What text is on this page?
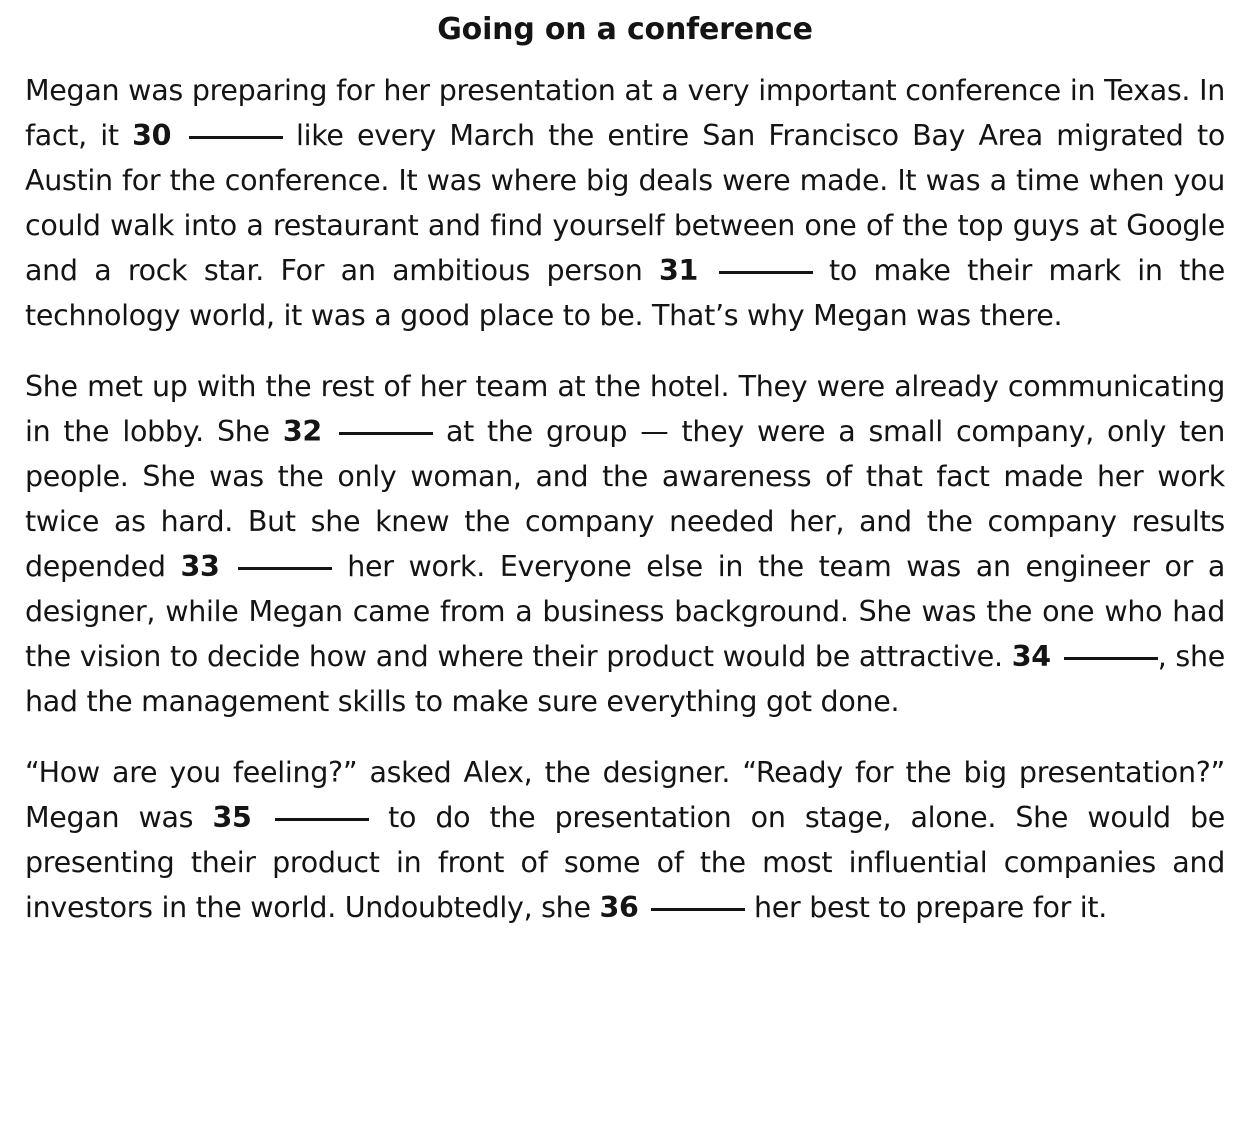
Going on a conference

Megan was preparing for her presentation at a very important conference in Texas. In fact, it 30	like every March the entire San Francisco Bay Area migrated to Austin for the conference. It was where big deals were made. It was a time when you could walk into a restaurant and find yourself between one of the top guys at Google and a rock star. For an ambitious person 31	to make their mark in the technology world, it was a good place to be. That’s why Megan was there.

She met up with the rest of her team at the hotel. They were already communicating in the lobby. She 32	at the group — they were a small company, only ten people. She was the only woman, and the awareness of that fact made her work twice as hard. But she knew the company needed her, and the company results depended 33	her work. Everyone else in the team was an engineer or a designer, while Megan came from a business background. She was the one who had the vision to decide how and where their product would be attractive. 34	, she had the management skills to make sure everything got done.

“How are you feeling?” asked Alex, the designer. “Ready for the big presentation?” Megan was 35	to do the presentation on stage, alone. She would be presenting their product in front of some of the most influential companies and investors in the world. Undoubtedly, she 36	her best to prepare for it.
